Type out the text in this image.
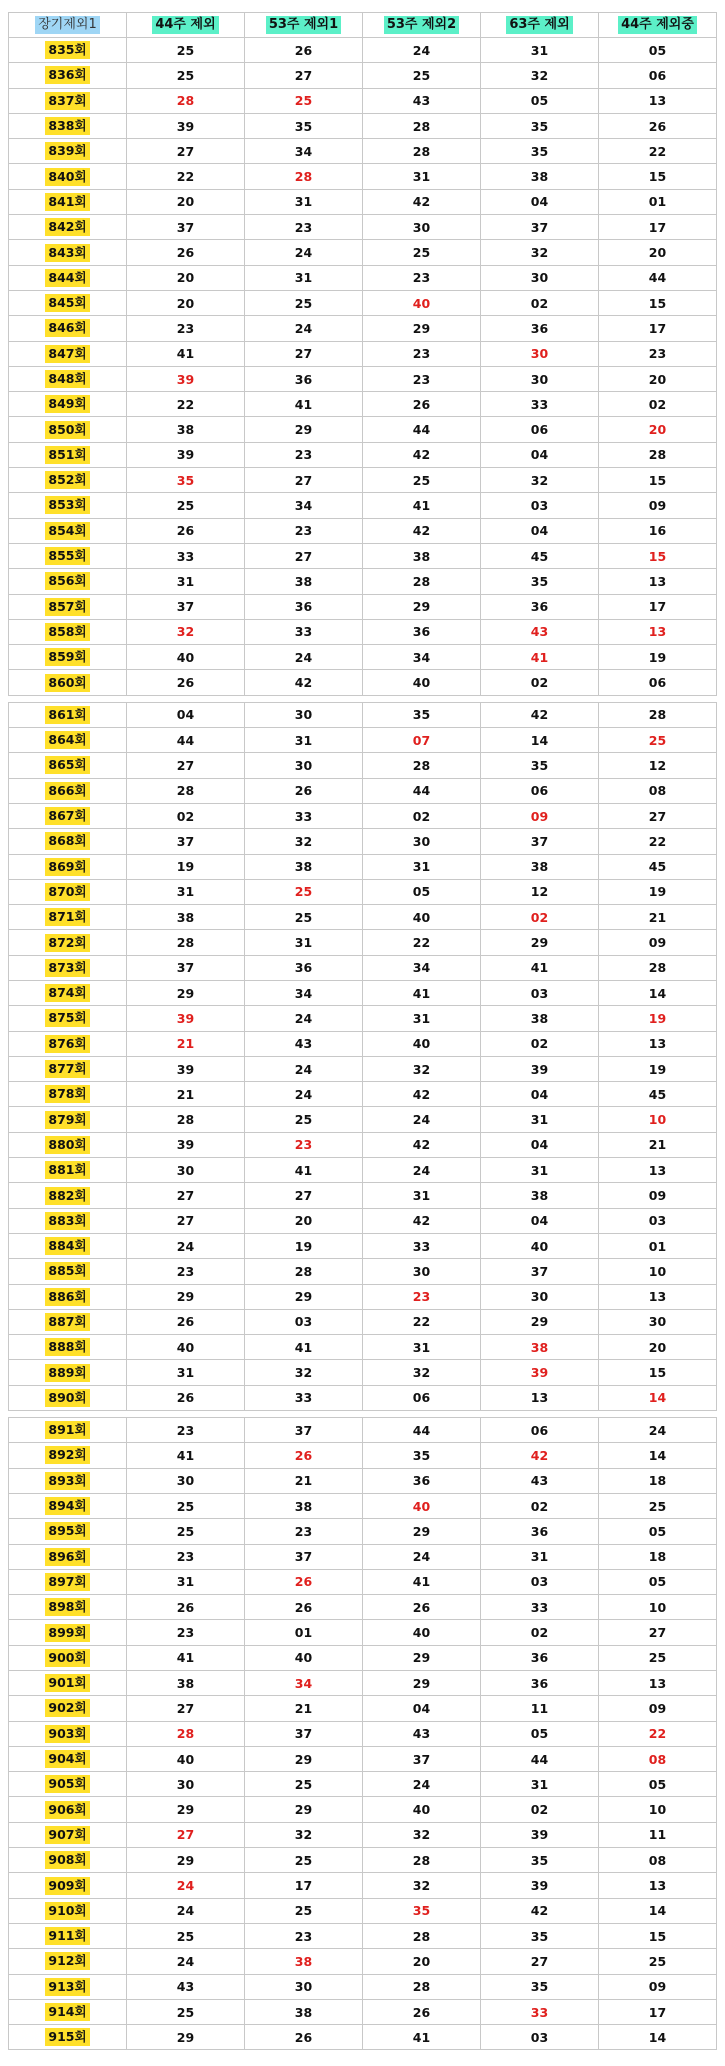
장기제외1	44주 제외	53주 제외1	53주 제외2	63주 제외	44주 제외중
835회	25	26	24	31	05
836회	25	27	25	32	06
837회	28	25	43	05	13
838회	39	35	28	35	26
839회	27	34	28	35	22
840회	22	28	31	38	15
841회	20	31	42	04	01
842회	37	23	30	37	17
843회	26	24	25	32	20
844회	20	31	23	30	44
845회	20	25	40	02	15
846회	23	24	29	36	17
847회	41	27	23	30	23
848회	39	36	23	30	20
849회	22	41	26	33	02
850회	38	29	44	06	20
851회	39	23	42	04	28
852회	35	27	25	32	15
853회	25	34	41	03	09
854회	26	23	42	04	16
855회	33	27	38	45	15
856회	31	38	28	35	13
857회	37	36	29	36	17
858회	32	33	36	43	13
859회	40	24	34	41	19
860회	26	42	40	02	06

861회	04	30	35	42	28
864회	44	31	07	14	25
865회	27	30	28	35	12
866회	28	26	44	06	08
867회	02	33	02	09	27
868회	37	32	30	37	22
869회	19	38	31	38	45
870회	31	25	05	12	19
871회	38	25	40	02	21
872회	28	31	22	29	09
873회	37	36	34	41	28
874회	29	34	41	03	14
875회	39	24	31	38	19
876회	21	43	40	02	13
877회	39	24	32	39	19
878회	21	24	42	04	45
879회	28	25	24	31	10
880회	39	23	42	04	21
881회	30	41	24	31	13
882회	27	27	31	38	09
883회	27	20	42	04	03
884회	24	19	33	40	01
885회	23	28	30	37	10
886회	29	29	23	30	13
887회	26	03	22	29	30
888회	40	41	31	38	20
889회	31	32	32	39	15
890회	26	33	06	13	14

891회	23	37	44	06	24
892회	41	26	35	42	14
893회	30	21	36	43	18
894회	25	38	40	02	25
895회	25	23	29	36	05
896회	23	37	24	31	18
897회	31	26	41	03	05
898회	26	26	26	33	10
899회	23	01	40	02	27
900회	41	40	29	36	25
901회	38	34	29	36	13
902회	27	21	04	11	09
903회	28	37	43	05	22
904회	40	29	37	44	08
905회	30	25	24	31	05
906회	29	29	40	02	10
907회	27	32	32	39	11
908회	29	25	28	35	08
909회	24	17	32	39	13
910회	24	25	35	42	14
911회	25	23	28	35	15
912회	24	38	20	27	25
913회	43	30	28	35	09
914회	25	38	26	33	17
915회	29	26	41	03	14
